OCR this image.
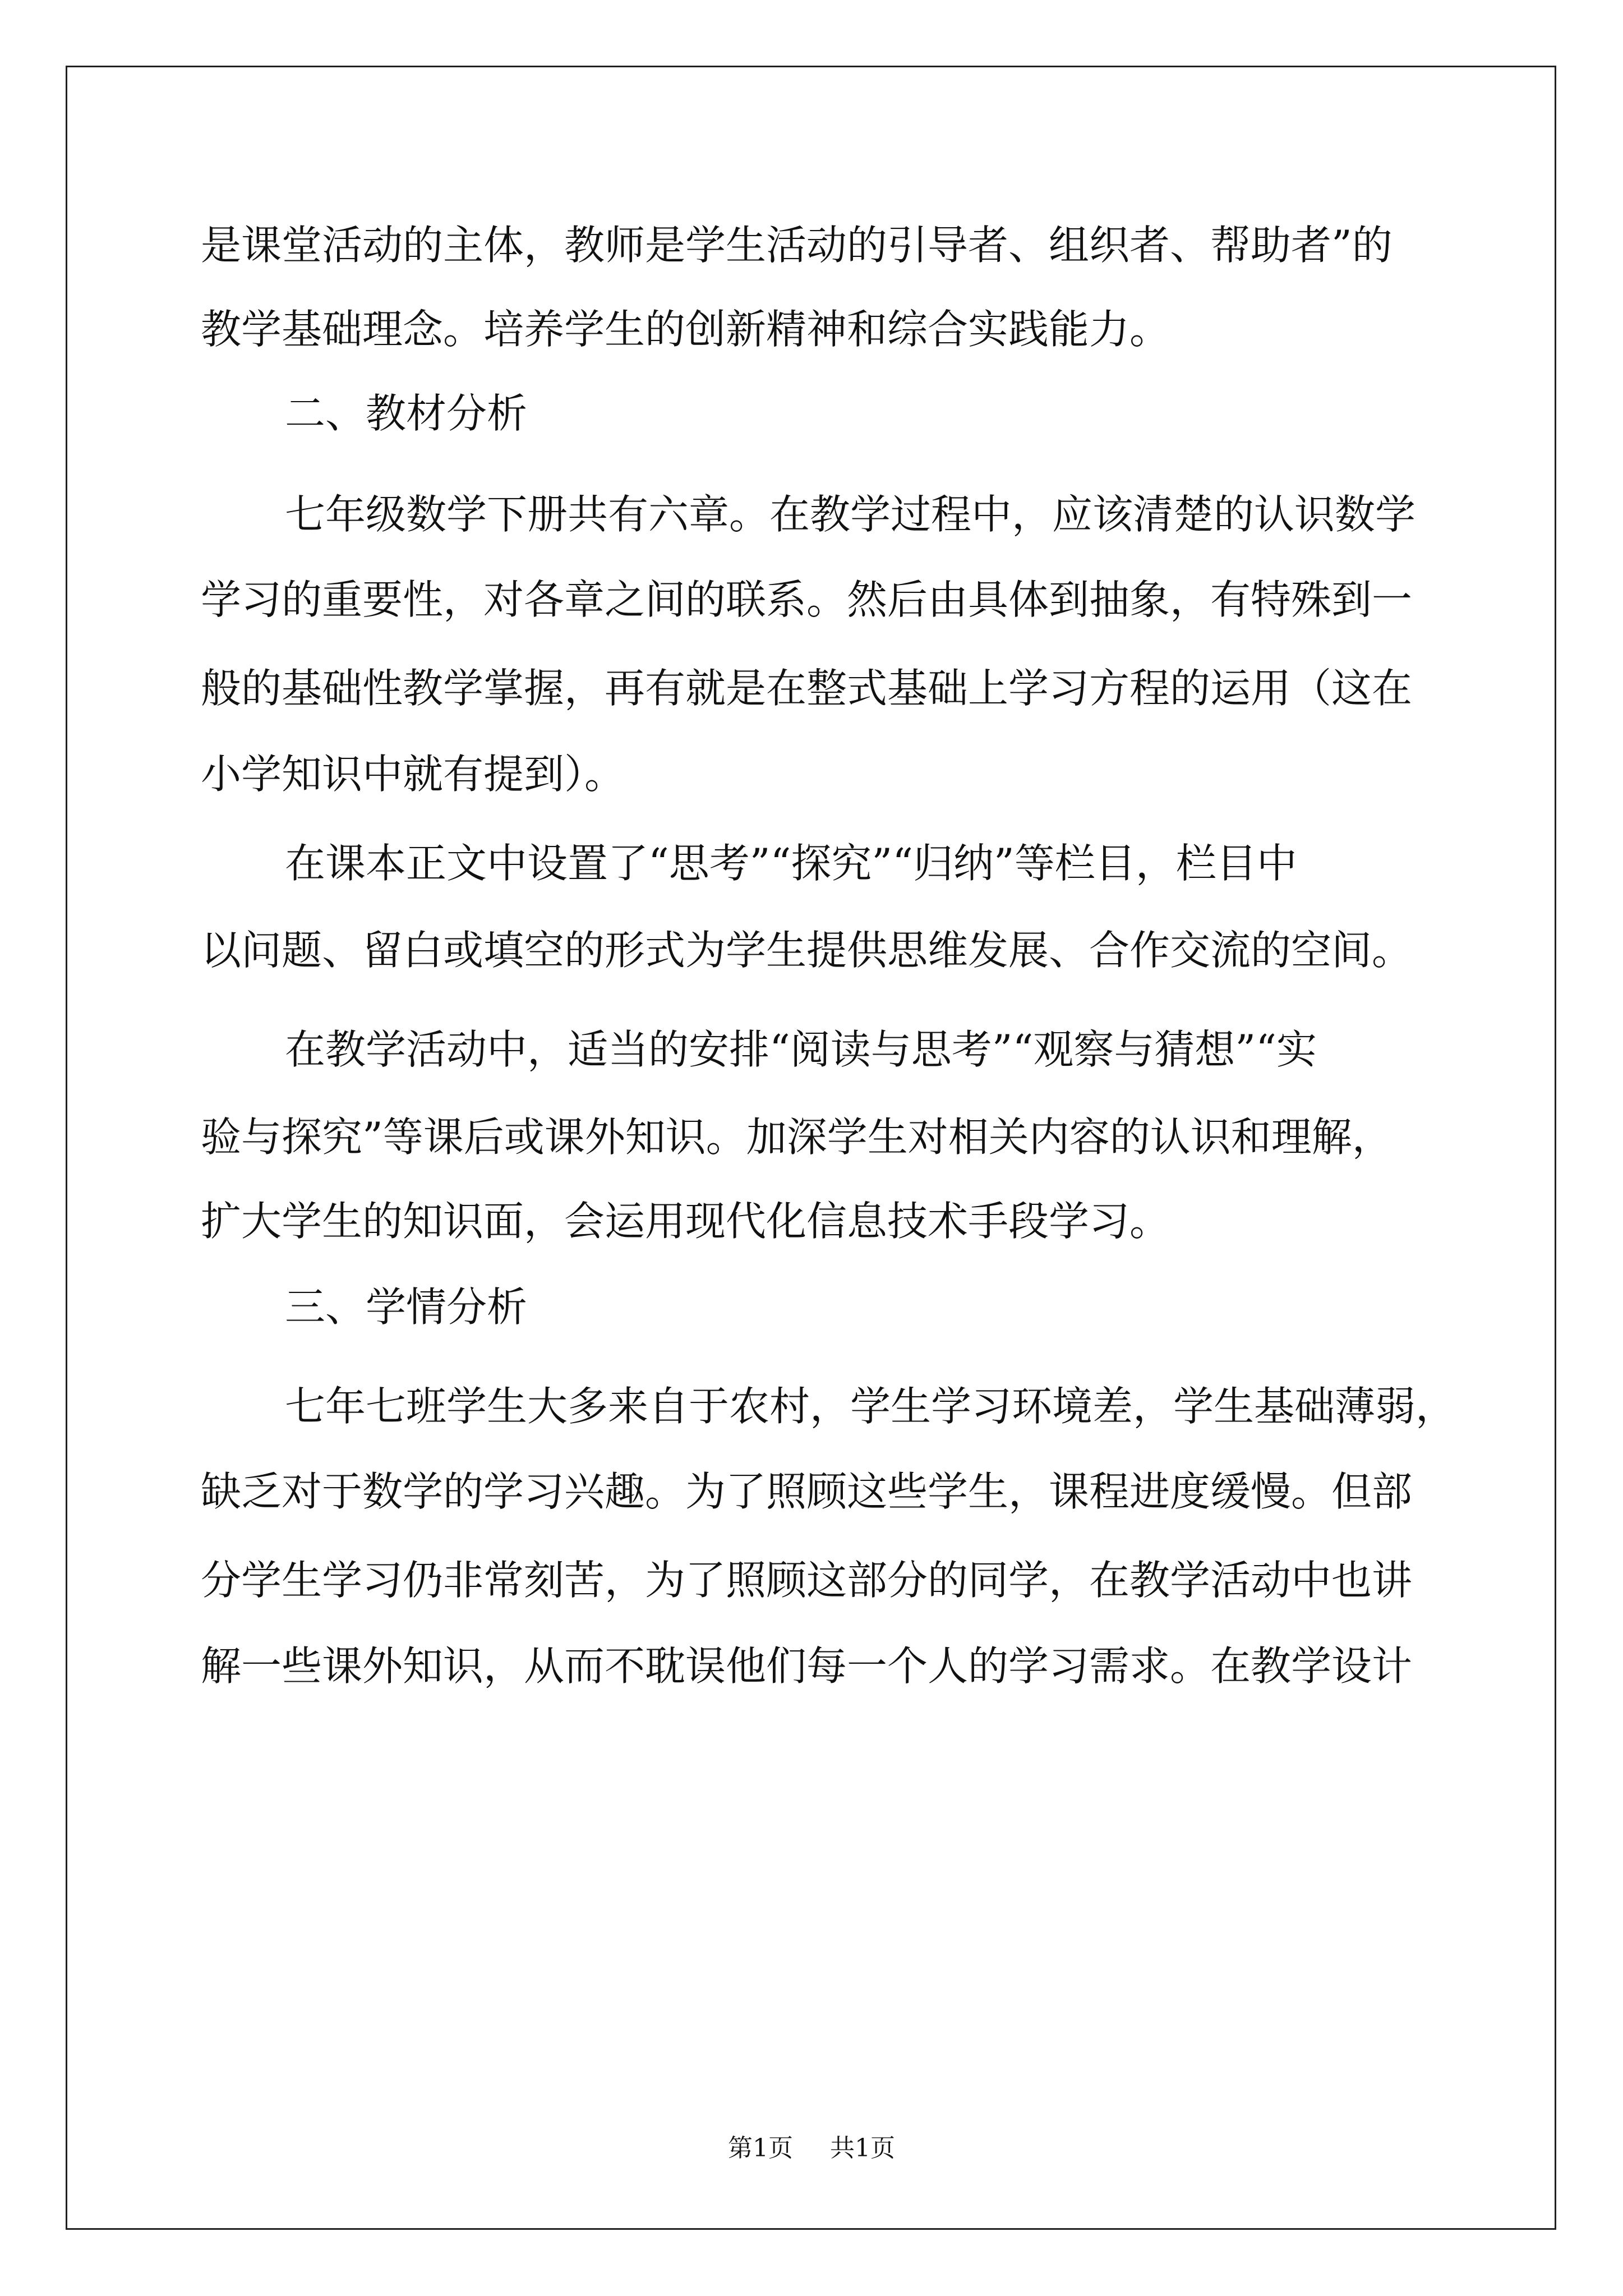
是课堂活动的主体，教师是学生活动的引导者、组织者、帮助者”的
教学基础理念。培养学生的创新精神和综合实践能力。
二、教材分析
七年级数学下册共有六章。在教学过程中，应该清楚的认识数学
学习的重要性，对各章之间的联系。然后由具体到抽象，有特殊到一
般的基础性教学掌握，再有就是在整式基础上学习方程的运用（这在
小学知识中就有提到）。
在课本正文中设置了“思考”“探究”“归纳”等栏目，栏目中
以问题、留白或填空的形式为学生提供思维发展、合作交流的空间。
在教学活动中，适当的安排“阅读与思考”“观察与猜想”“实
验与探究”等课后或课外知识。加深学生对相关内容的认识和理解，
扩大学生的知识面，会运用现代化信息技术手段学习。
三、学情分析
七年七班学生大多来自于农村，学生学习环境差，学生基础薄弱，
缺乏对于数学的学习兴趣。为了照顾这些学生，课程进度缓慢。但部
分学生学习仍非常刻苦，为了照顾这部分的同学，在教学活动中也讲
解一些课外知识，从而不耽误他们每一个人的学习需求。在教学设计
第1页 共1页
